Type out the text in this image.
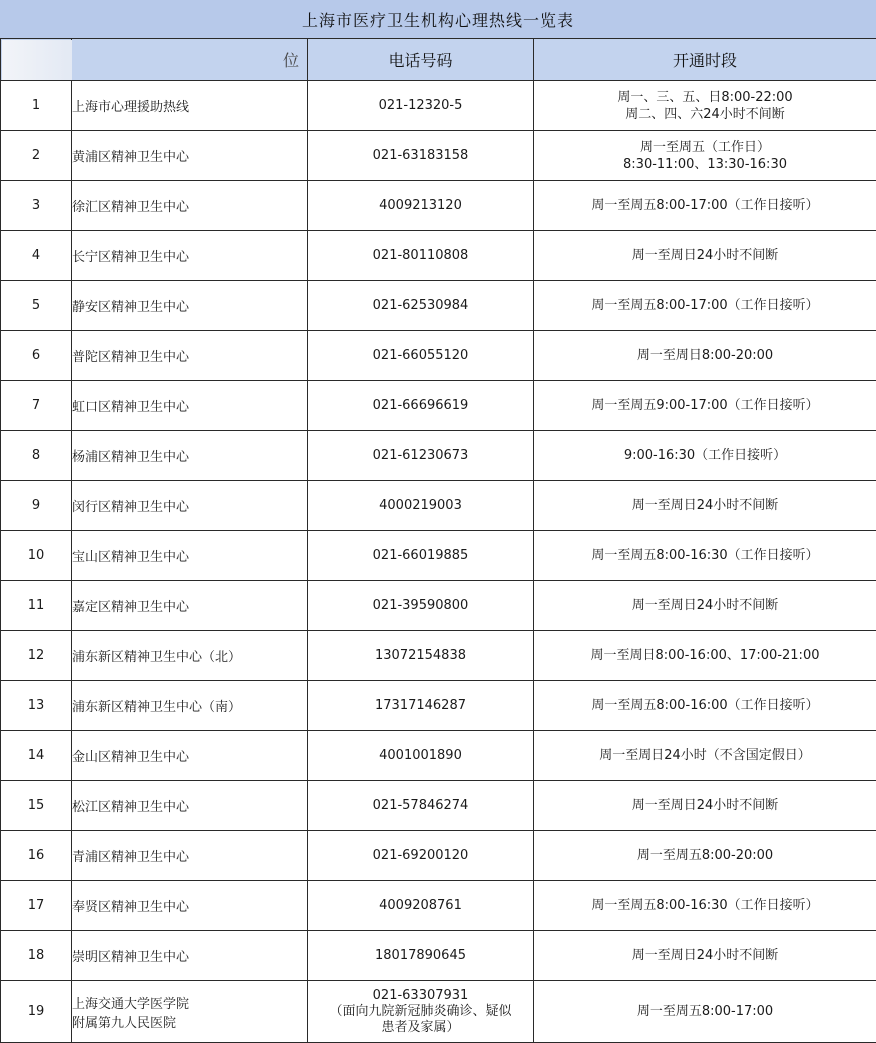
上海市医疗卫生机构心理热线一览表
	位	电话号码	开通时段
1	上海市心理援助热线	021-12320-5	周一、三、五、日8:00-22:00
周二、四、六24小时不间断

2	黄浦区精神卫生中心	021-63183158	周一至周五（工作日）
8:30-11:00、13:30-16:30

3	徐汇区精神卫生中心	4009213120	周一至周五8:00-17:00（工作日接听）

4	长宁区精神卫生中心	021-80110808	周一至周日24小时不间断

5	静安区精神卫生中心	021-62530984	周一至周五8:00-17:00（工作日接听）

6	普陀区精神卫生中心	021-66055120	周一至周日8:00-20:00

7	虹口区精神卫生中心	021-66696619	周一至周五9:00-17:00（工作日接听）

8	杨浦区精神卫生中心	021-61230673	9:00-16:30（工作日接听）

9	闵行区精神卫生中心	4000219003	周一至周日24小时不间断

10	宝山区精神卫生中心	021-66019885	周一至周五8:00-16:30（工作日接听）

11	嘉定区精神卫生中心	021-39590800	周一至周日24小时不间断

12	浦东新区精神卫生中心（北）	13072154838	周一至周日8:00-16:00、17:00-21:00

13	浦东新区精神卫生中心（南）	17317146287	周一至周五8:00-16:00（工作日接听）

14	金山区精神卫生中心	4001001890	周一至周日24小时（不含国定假日）

15	松江区精神卫生中心	021-57846274	周一至周日24小时不间断

16	青浦区精神卫生中心	021-69200120	周一至周五8:00-20:00

17	奉贤区精神卫生中心	4009208761	周一至周五8:00-16:30（工作日接听）

18	崇明区精神卫生中心	18017890645	周一至周日24小时不间断

19	上海交通大学医学院
附属第九人民医院	021-63307931
（面向九院新冠肺炎确诊、疑似
患者及家属）	周一至周五8:00-17:00
